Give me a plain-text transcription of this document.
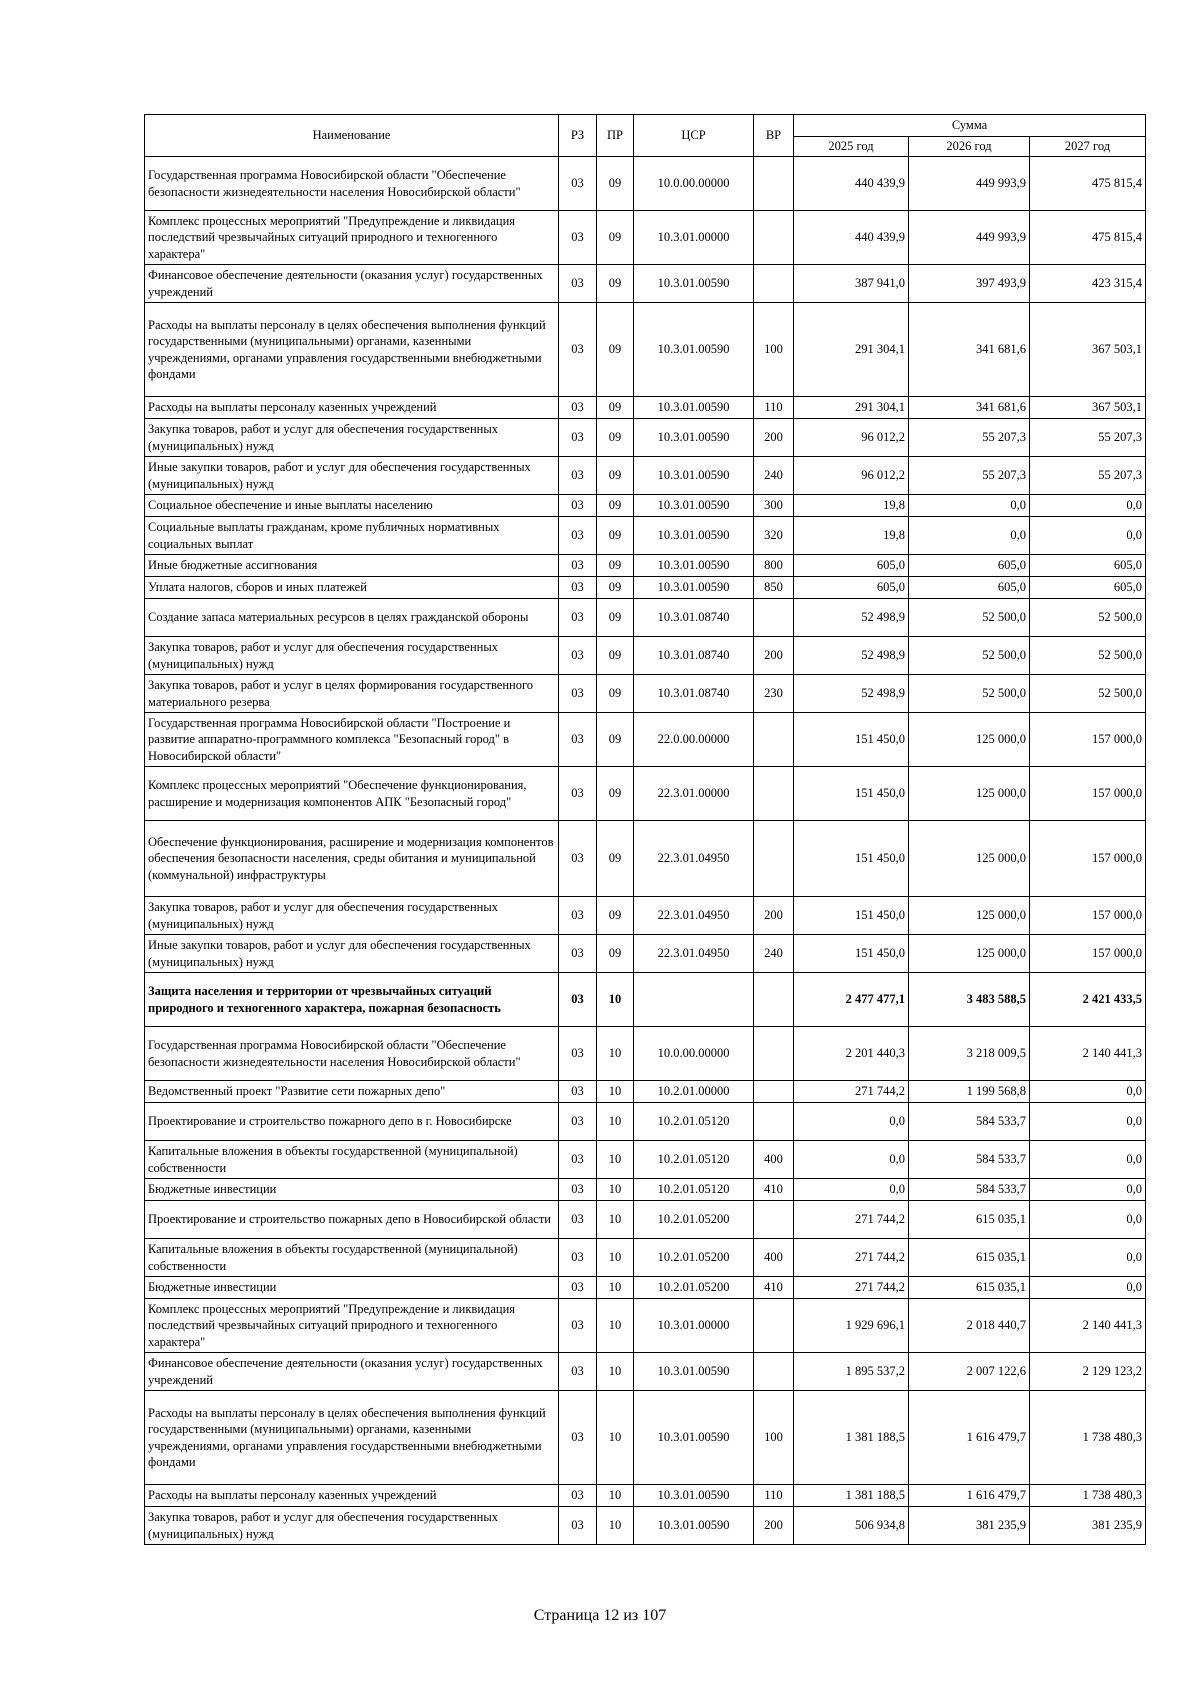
Наименование	РЗ	ПР	ЦСР	ВР	Сумма		
					2025 год	2026 год	2027 год
Государственная программа Новосибирской области "Обеспечение безопасности жизнедеятельности населения Новосибирской области"	03	09	10.0.00.00000		440 439,9	449 993,9	475 815,4
Комплекс процессных мероприятий "Предупреждение и ликвидация последствий чрезвычайных ситуаций природного и техногенного характера"	03	09	10.3.01.00000		440 439,9	449 993,9	475 815,4
Финансовое обеспечение деятельности (оказания услуг) государственных учреждений	03	09	10.3.01.00590		387 941,0	397 493,9	423 315,4
Расходы на выплаты персоналу в целях обеспечения выполнения функций государственными (муниципальными) органами, казенными учреждениями, органами управления государственными внебюджетными фондами	03	09	10.3.01.00590	100	291 304,1	341 681,6	367 503,1
Расходы на выплаты персоналу казенных учреждений	03	09	10.3.01.00590	110	291 304,1	341 681,6	367 503,1
Закупка товаров, работ и услуг для обеспечения государственных (муниципальных) нужд	03	09	10.3.01.00590	200	96 012,2	55 207,3	55 207,3
Иные закупки товаров, работ и услуг для обеспечения государственных (муниципальных) нужд	03	09	10.3.01.00590	240	96 012,2	55 207,3	55 207,3
Социальное обеспечение и иные выплаты населению	03	09	10.3.01.00590	300	19,8	0,0	0,0
Социальные выплаты гражданам, кроме публичных нормативных социальных выплат	03	09	10.3.01.00590	320	19,8	0,0	0,0
Иные бюджетные ассигнования	03	09	10.3.01.00590	800	605,0	605,0	605,0
Уплата налогов, сборов и иных платежей	03	09	10.3.01.00590	850	605,0	605,0	605,0
Создание запаса материальных ресурсов в целях гражданской обороны	03	09	10.3.01.08740		52 498,9	52 500,0	52 500,0
Закупка товаров, работ и услуг для обеспечения государственных (муниципальных) нужд	03	09	10.3.01.08740	200	52 498,9	52 500,0	52 500,0
Закупка товаров, работ и услуг в целях формирования государственного материального резерва	03	09	10.3.01.08740	230	52 498,9	52 500,0	52 500,0
Государственная программа Новосибирской области "Построение и развитие аппаратно-программного комплекса "Безопасный город" в Новосибирской области"	03	09	22.0.00.00000		151 450,0	125 000,0	157 000,0
Комплекс процессных мероприятий "Обеспечение функционирования, расширение и модернизация компонентов АПК "Безопасный город"	03	09	22.3.01.00000		151 450,0	125 000,0	157 000,0
Обеспечение функционирования, расширение и модернизация компонентов обеспечения безопасности населения, среды обитания и муниципальной (коммунальной) инфраструктуры	03	09	22.3.01.04950		151 450,0	125 000,0	157 000,0
Закупка товаров, работ и услуг для обеспечения государственных (муниципальных) нужд	03	09	22.3.01.04950	200	151 450,0	125 000,0	157 000,0
Иные закупки товаров, работ и услуг для обеспечения государственных (муниципальных) нужд	03	09	22.3.01.04950	240	151 450,0	125 000,0	157 000,0
Защита населения и территории от чрезвычайных ситуаций природного и техногенного характера, пожарная безопасность	03	10			2 477 477,1	3 483 588,5	2 421 433,5
Государственная программа Новосибирской области "Обеспечение безопасности жизнедеятельности населения Новосибирской области"	03	10	10.0.00.00000		2 201 440,3	3 218 009,5	2 140 441,3
Ведомственный проект "Развитие сети пожарных депо"	03	10	10.2.01.00000		271 744,2	1 199 568,8	0,0
Проектирование и строительство пожарного депо в г. Новосибирске	03	10	10.2.01.05120		0,0	584 533,7	0,0
Капитальные вложения в объекты государственной (муниципальной) собственности	03	10	10.2.01.05120	400	0,0	584 533,7	0,0
Бюджетные инвестиции	03	10	10.2.01.05120	410	0,0	584 533,7	0,0
Проектирование и строительство пожарных депо в Новосибирской области	03	10	10.2.01.05200		271 744,2	615 035,1	0,0
Капитальные вложения в объекты государственной (муниципальной) собственности	03	10	10.2.01.05200	400	271 744,2	615 035,1	0,0
Бюджетные инвестиции	03	10	10.2.01.05200	410	271 744,2	615 035,1	0,0
Комплекс процессных мероприятий "Предупреждение и ликвидация последствий чрезвычайных ситуаций природного и техногенного характера"	03	10	10.3.01.00000		1 929 696,1	2 018 440,7	2 140 441,3
Финансовое обеспечение деятельности (оказания услуг) государственных учреждений	03	10	10.3.01.00590		1 895 537,2	2 007 122,6	2 129 123,2
Расходы на выплаты персоналу в целях обеспечения выполнения функций государственными (муниципальными) органами, казенными учреждениями, органами управления государственными внебюджетными фондами	03	10	10.3.01.00590	100	1 381 188,5	1 616 479,7	1 738 480,3
Расходы на выплаты персоналу казенных учреждений	03	10	10.3.01.00590	110	1 381 188,5	1 616 479,7	1 738 480,3
Закупка товаров, работ и услуг для обеспечения государственных (муниципальных) нужд	03	10	10.3.01.00590	200	506 934,8	381 235,9	381 235,9
Страница 12 из 107
